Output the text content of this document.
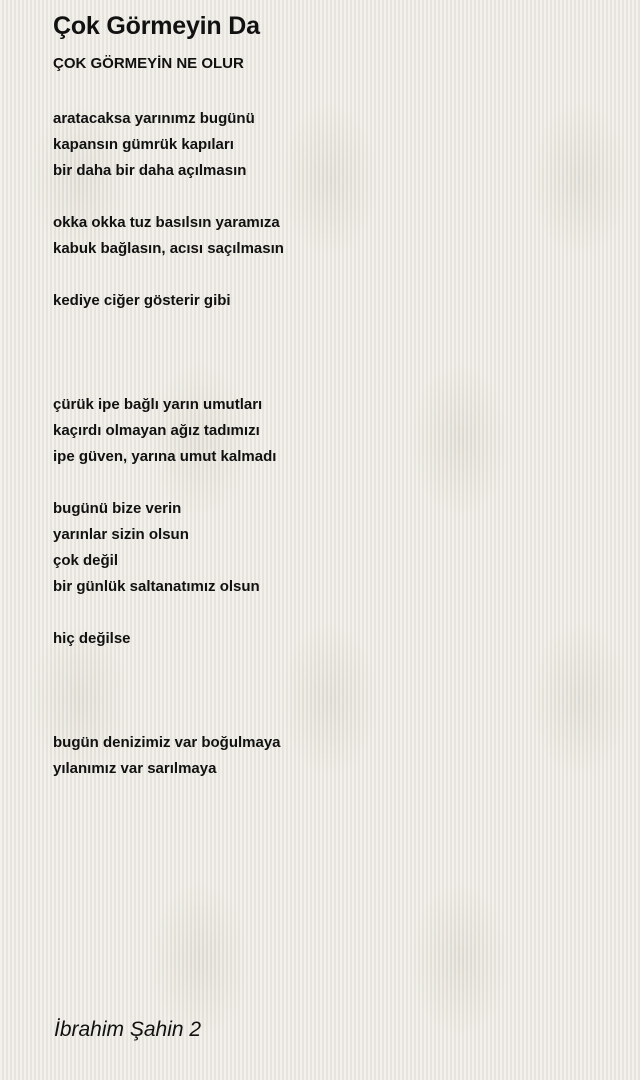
Çok Görmeyin Da
ÇOK GÖRMEYİN NE OLUR
aratacaksa yarınımz bugünü
kapansın gümrük kapıları
bir daha bir daha açılmasın
okka okka tuz basılsın yaramıza
kabuk bağlasın, acısı saçılmasın
kediye ciğer gösterir gibi
çürük ipe bağlı yarın umutları
kaçırdı olmayan ağız tadımızı
ipe güven, yarına umut kalmadı
bugünü bize verin
yarınlar sizin olsun
çok değil
bir günlük saltanatımız olsun
hiç değilse
bugün denizimiz var boğulmaya
yılanımız var sarılmaya

İbrahim Şahin 2
